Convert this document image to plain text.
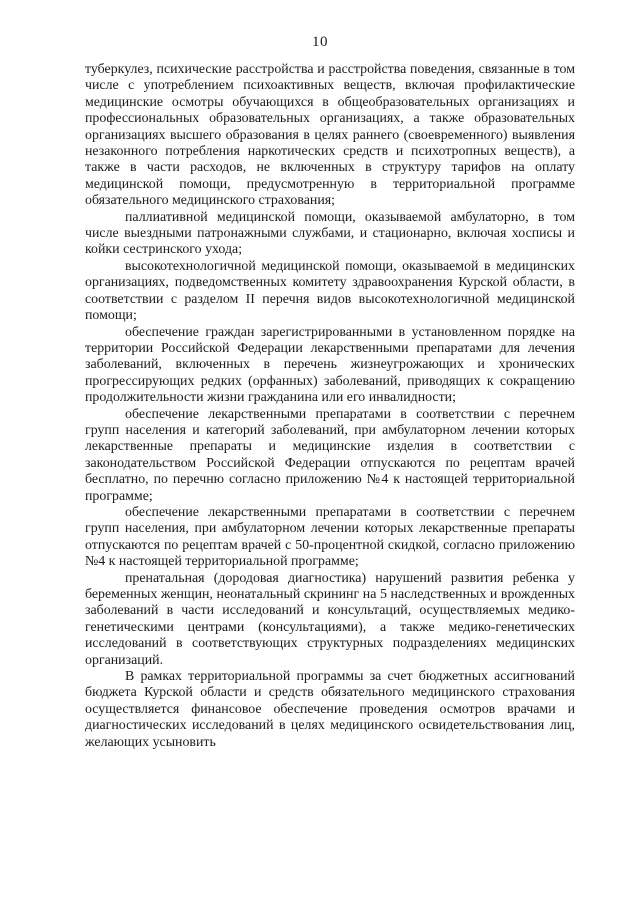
10

туберкулез, психические расстройства и расстройства поведения, связанные в том числе с употреблением психоактивных веществ, включая профилактические медицинские осмотры обучающихся в общеобразовательных организациях и профессиональных образовательных организациях, а также образовательных организациях высшего образования в целях раннего (своевременного) выявления незаконного потребления наркотических средств и психотропных веществ), а также в части расходов, не включенных в структуру тарифов на оплату медицинской помощи, предусмотренную в территориальной программе обязательного медицинского страхования;

паллиативной медицинской помощи, оказываемой амбулаторно, в том числе выездными патронажными службами, и стационарно, включая хосписы и койки сестринского ухода;

высокотехнологичной медицинской помощи, оказываемой в медицинских организациях, подведомственных комитету здравоохранения Курской области, в соответствии с разделом II перечня видов высокотехнологичной медицинской помощи;

обеспечение граждан зарегистрированными в установленном порядке на территории Российской Федерации лекарственными препаратами для лечения заболеваний, включенных в перечень жизнеугрожающих и хронических прогрессирующих редких (орфанных) заболеваний, приводящих к сокращению продолжительности жизни гражданина или его инвалидности;

обеспечение лекарственными препаратами в соответствии с перечнем групп населения и категорий заболеваний, при амбулаторном лечении которых лекарственные препараты и медицинские изделия в соответствии с законодательством Российской Федерации отпускаются по рецептам врачей бесплатно, по перечню согласно приложению №4 к настоящей территориальной программе;

обеспечение лекарственными препаратами в соответствии с перечнем групп населения, при амбулаторном лечении которых лекарственные препараты отпускаются по рецептам врачей с 50-процентной скидкой, согласно приложению №4 к настоящей территориальной программе;

пренатальная (дородовая диагностика) нарушений развития ребенка у беременных женщин, неонатальный скрининг на 5 наследственных и врожденных заболеваний в части исследований и консультаций, осуществляемых медико-генетическими центрами (консультациями), а также медико-генетических исследований в соответствующих структурных подразделениях медицинских организаций.

В рамках территориальной программы за счет бюджетных ассигнований бюджета Курской области и средств обязательного медицинского страхования осуществляется финансовое обеспечение проведения осмотров врачами и диагностических исследований в целях медицинского освидетельствования лиц, желающих усыновить
